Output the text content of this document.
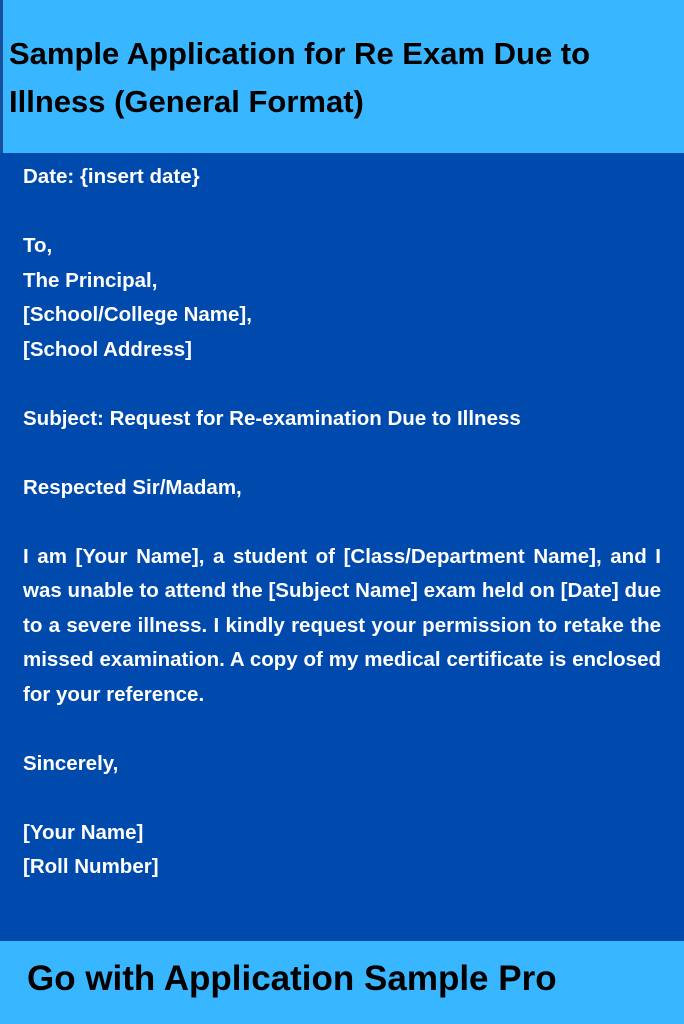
Sample Application for Re Exam Due to Illness (General Format)
Date: {insert date}
To,
The Principal,
[School/College Name],
[School Address]
Subject: Request for Re-examination Due to Illness
Respected Sir/Madam,
I am [Your Name], a student of [Class/Department Name], and I was unable to attend the [Subject Name] exam held on [Date] due to a severe illness. I kindly request your permission to retake the missed examination. A copy of my medical certificate is enclosed for your reference.
Sincerely,
[Your Name]
[Roll Number]

Go with Application Sample Pro
